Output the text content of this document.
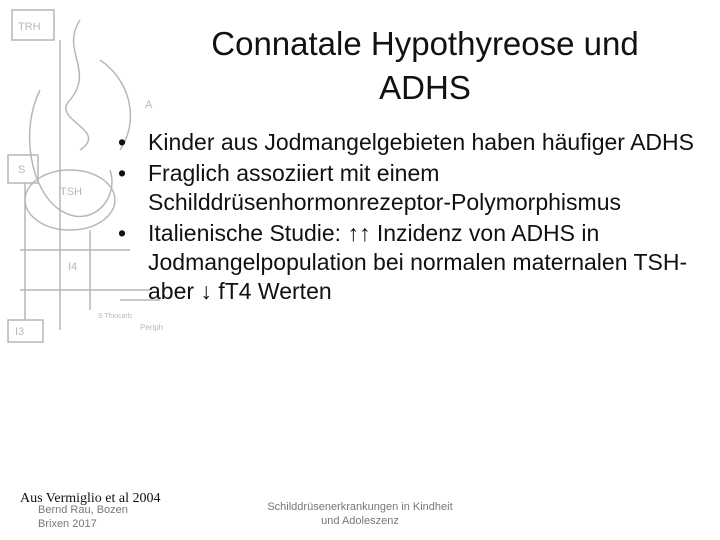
TRH
A
S
TSH
I4
I3
S Thiocarb
Periph
Connatale Hypothyreose und
ADHS
• Kinder aus Jodmangelgebieten haben häufiger ADHS
• Fraglich assoziiert mit einem Schilddrüsenhormonrezeptor-Polymorphismus
• Italienische Studie: ↑↑ Inzidenz von ADHS in Jodmangelpopulation bei normalen maternalen TSH- aber ↓ fT4 Werten
Bernd Rau, Bozen
Brixen 2017
Aus Vermiglio et al 2004
Schilddrüsenerkrankungen in Kindheit
und Adoleszenz
